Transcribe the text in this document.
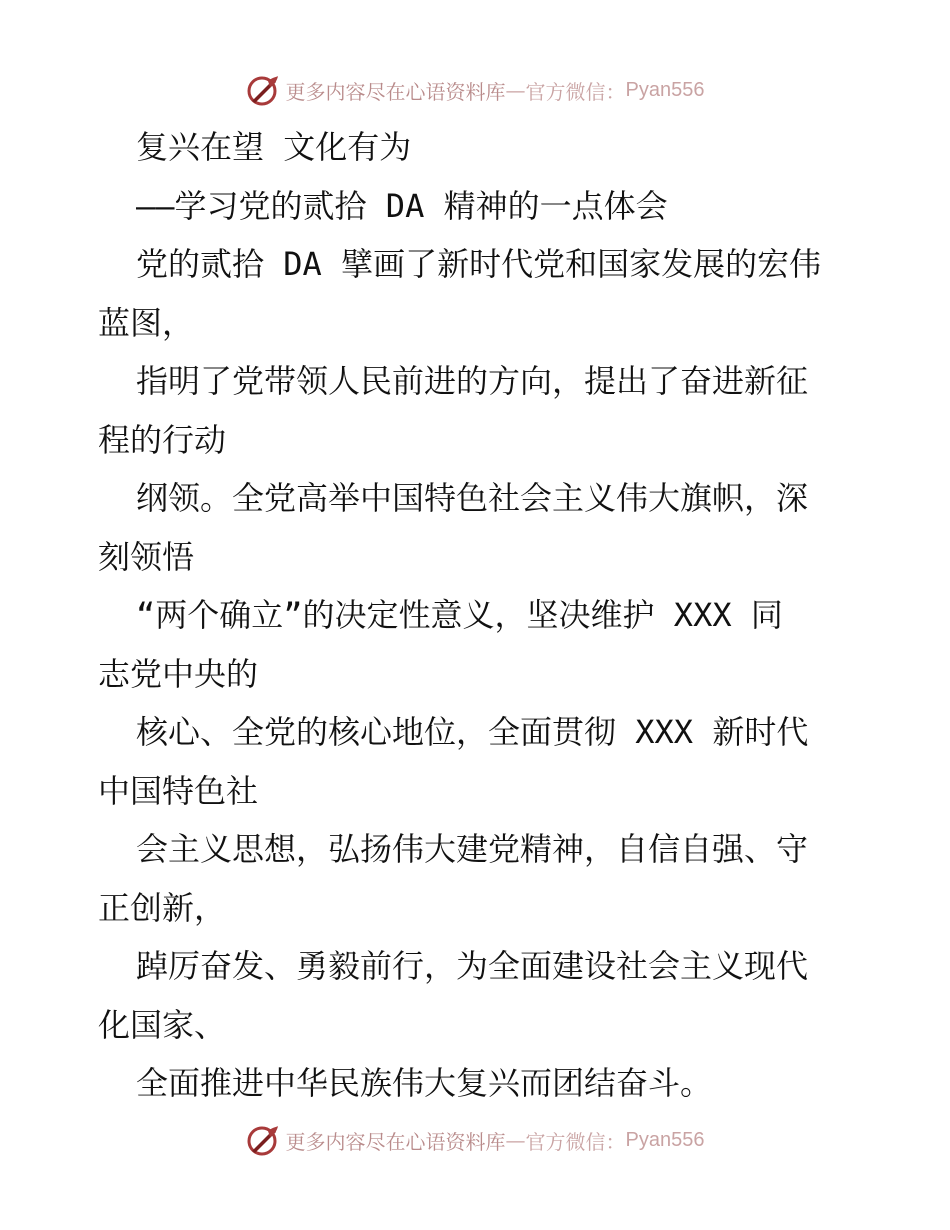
更多内容尽在心语资料库 — 官方微信： Pyan556
复兴在望 文化有为
——学习党的贰拾 DA 精神的一点体会
党的贰拾 DA 擘画了新时代党和国家发展的宏伟
蓝图，
指明了党带领人民前进的方向，提出了奋进新征
程的行动
纲领。全党高举中国特色社会主义伟大旗帜，深
刻领悟
“两个确立”的决定性意义，坚决维护 XXX 同
志党中央的
核心、全党的核心地位，全面贯彻 XXX 新时代
中国特色社
会主义思想，弘扬伟大建党精神，自信自强、守
正创新，
踔厉奋发、勇毅前行，为全面建设社会主义现代
化国家、
全面推进中华民族伟大复兴而团结奋斗。
更多内容尽在心语资料库 — 官方微信： Pyan556
